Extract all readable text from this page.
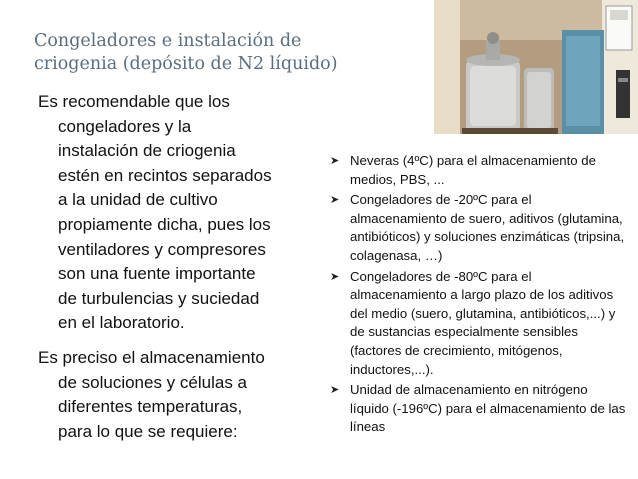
Congeladores e instalación de
criogenia (depósito de N2 líquido)

Es recomendable que los
congeladores y la
instalación de criogenia
estén en recintos separados
a la unidad de cultivo
propiamente dicha, pues los
ventiladores y compresores
son una fuente importante
de turbulencias y suciedad
en el laboratorio.

Es preciso el almacenamiento
de soluciones y células a
diferentes temperaturas,
para lo que se requiere:

➤ Neveras (4ºC) para el almacenamiento de medios, PBS, ...
➤ Congeladores de -20ºC para el almacenamiento de suero, aditivos (glutamina, antibióticos) y soluciones enzimáticas (tripsina, colagenasa, …)
➤ Congeladores de -80ºC para el almacenamiento a largo plazo de los aditivos del medio (suero, glutamina, antibióticos,...) y de sustancias especialmente sensibles (factores de crecimiento, mitógenos, inductores,...).
➤ Unidad de almacenamiento en nitrógeno líquido (-196ºC) para el almacenamiento de las líneas
